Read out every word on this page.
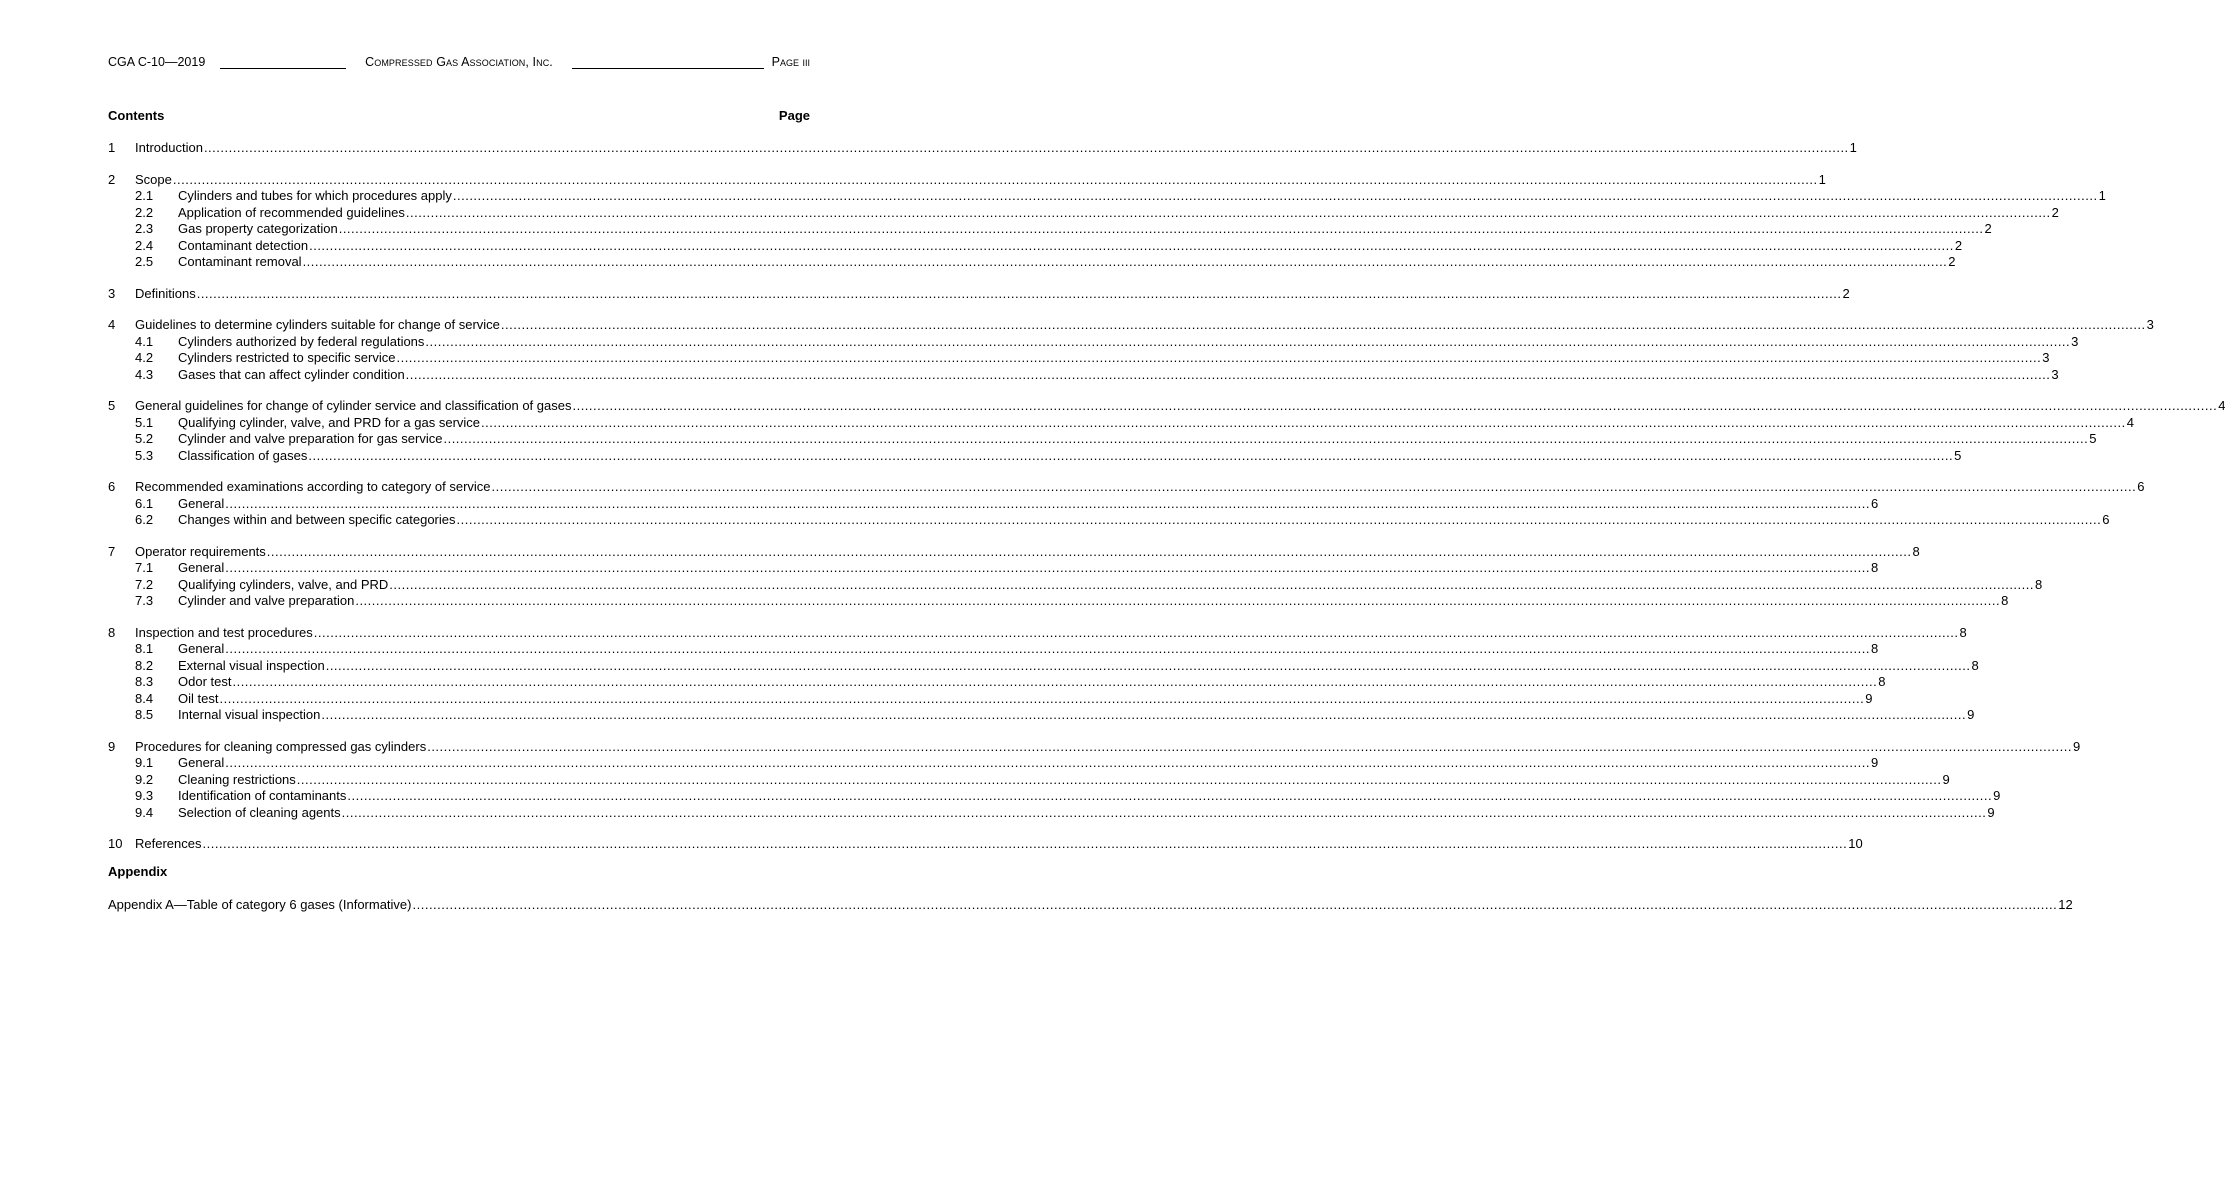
CGA C-10—2019	Compressed Gas Association, Inc.	Page iii
Contents	Page
1	Introduction ................................................................................................................................................................................................................................................................................................................................................................................................................ 1
2	Scope ................................................................................................................................................................................................................................................................................................................................................................................................................ 1
2.1	Cylinders and tubes for which procedures apply ................................................................................................................................................................................................................................................................................................................................................................................................................ 1
2.2	Application of recommended guidelines ................................................................................................................................................................................................................................................................................................................................................................................................................ 2
2.3	Gas property categorization ................................................................................................................................................................................................................................................................................................................................................................................................................ 2
2.4	Contaminant detection ................................................................................................................................................................................................................................................................................................................................................................................................................ 2
2.5	Contaminant removal ................................................................................................................................................................................................................................................................................................................................................................................................................ 2
3	Definitions ................................................................................................................................................................................................................................................................................................................................................................................................................ 2
4	Guidelines to determine cylinders suitable for change of service ................................................................................................................................................................................................................................................................................................................................................................................................................ 3
4.1	Cylinders authorized by federal regulations ................................................................................................................................................................................................................................................................................................................................................................................................................ 3
4.2	Cylinders restricted to specific service ................................................................................................................................................................................................................................................................................................................................................................................................................ 3
4.3	Gases that can affect cylinder condition ................................................................................................................................................................................................................................................................................................................................................................................................................ 3
5	General guidelines for change of cylinder service and classification of gases ................................................................................................................................................................................................................................................................................................................................................................................................................ 4
5.1	Qualifying cylinder, valve, and PRD for a gas service ................................................................................................................................................................................................................................................................................................................................................................................................................ 4
5.2	Cylinder and valve preparation for gas service ................................................................................................................................................................................................................................................................................................................................................................................................................ 5
5.3	Classification of gases ................................................................................................................................................................................................................................................................................................................................................................................................................ 5
6	Recommended examinations according to category of service ................................................................................................................................................................................................................................................................................................................................................................................................................ 6
6.1	General ................................................................................................................................................................................................................................................................................................................................................................................................................ 6
6.2	Changes within and between specific categories ................................................................................................................................................................................................................................................................................................................................................................................................................ 6
7	Operator requirements ................................................................................................................................................................................................................................................................................................................................................................................................................ 8
7.1	General ................................................................................................................................................................................................................................................................................................................................................................................................................ 8
7.2	Qualifying cylinders, valve, and PRD ................................................................................................................................................................................................................................................................................................................................................................................................................ 8
7.3	Cylinder and valve preparation ................................................................................................................................................................................................................................................................................................................................................................................................................ 8
8	Inspection and test procedures ................................................................................................................................................................................................................................................................................................................................................................................................................ 8
8.1	General ................................................................................................................................................................................................................................................................................................................................................................................................................ 8
8.2	External visual inspection ................................................................................................................................................................................................................................................................................................................................................................................................................ 8
8.3	Odor test ................................................................................................................................................................................................................................................................................................................................................................................................................ 8
8.4	Oil test ................................................................................................................................................................................................................................................................................................................................................................................................................ 9
8.5	Internal visual inspection ................................................................................................................................................................................................................................................................................................................................................................................................................ 9
9	Procedures for cleaning compressed gas cylinders ................................................................................................................................................................................................................................................................................................................................................................................................................ 9
9.1	General ................................................................................................................................................................................................................................................................................................................................................................................................................ 9
9.2	Cleaning restrictions ................................................................................................................................................................................................................................................................................................................................................................................................................ 9
9.3	Identification of contaminants ................................................................................................................................................................................................................................................................................................................................................................................................................ 9
9.4	Selection of cleaning agents ................................................................................................................................................................................................................................................................................................................................................................................................................ 9
10 References ................................................................................................................................................................................................................................................................................................................................................................................................................ 10
Appendix
Appendix A—Table of category 6 gases (Informative) ................................................................................................................................................................................................................................................................................................................................................................................................................ 12
